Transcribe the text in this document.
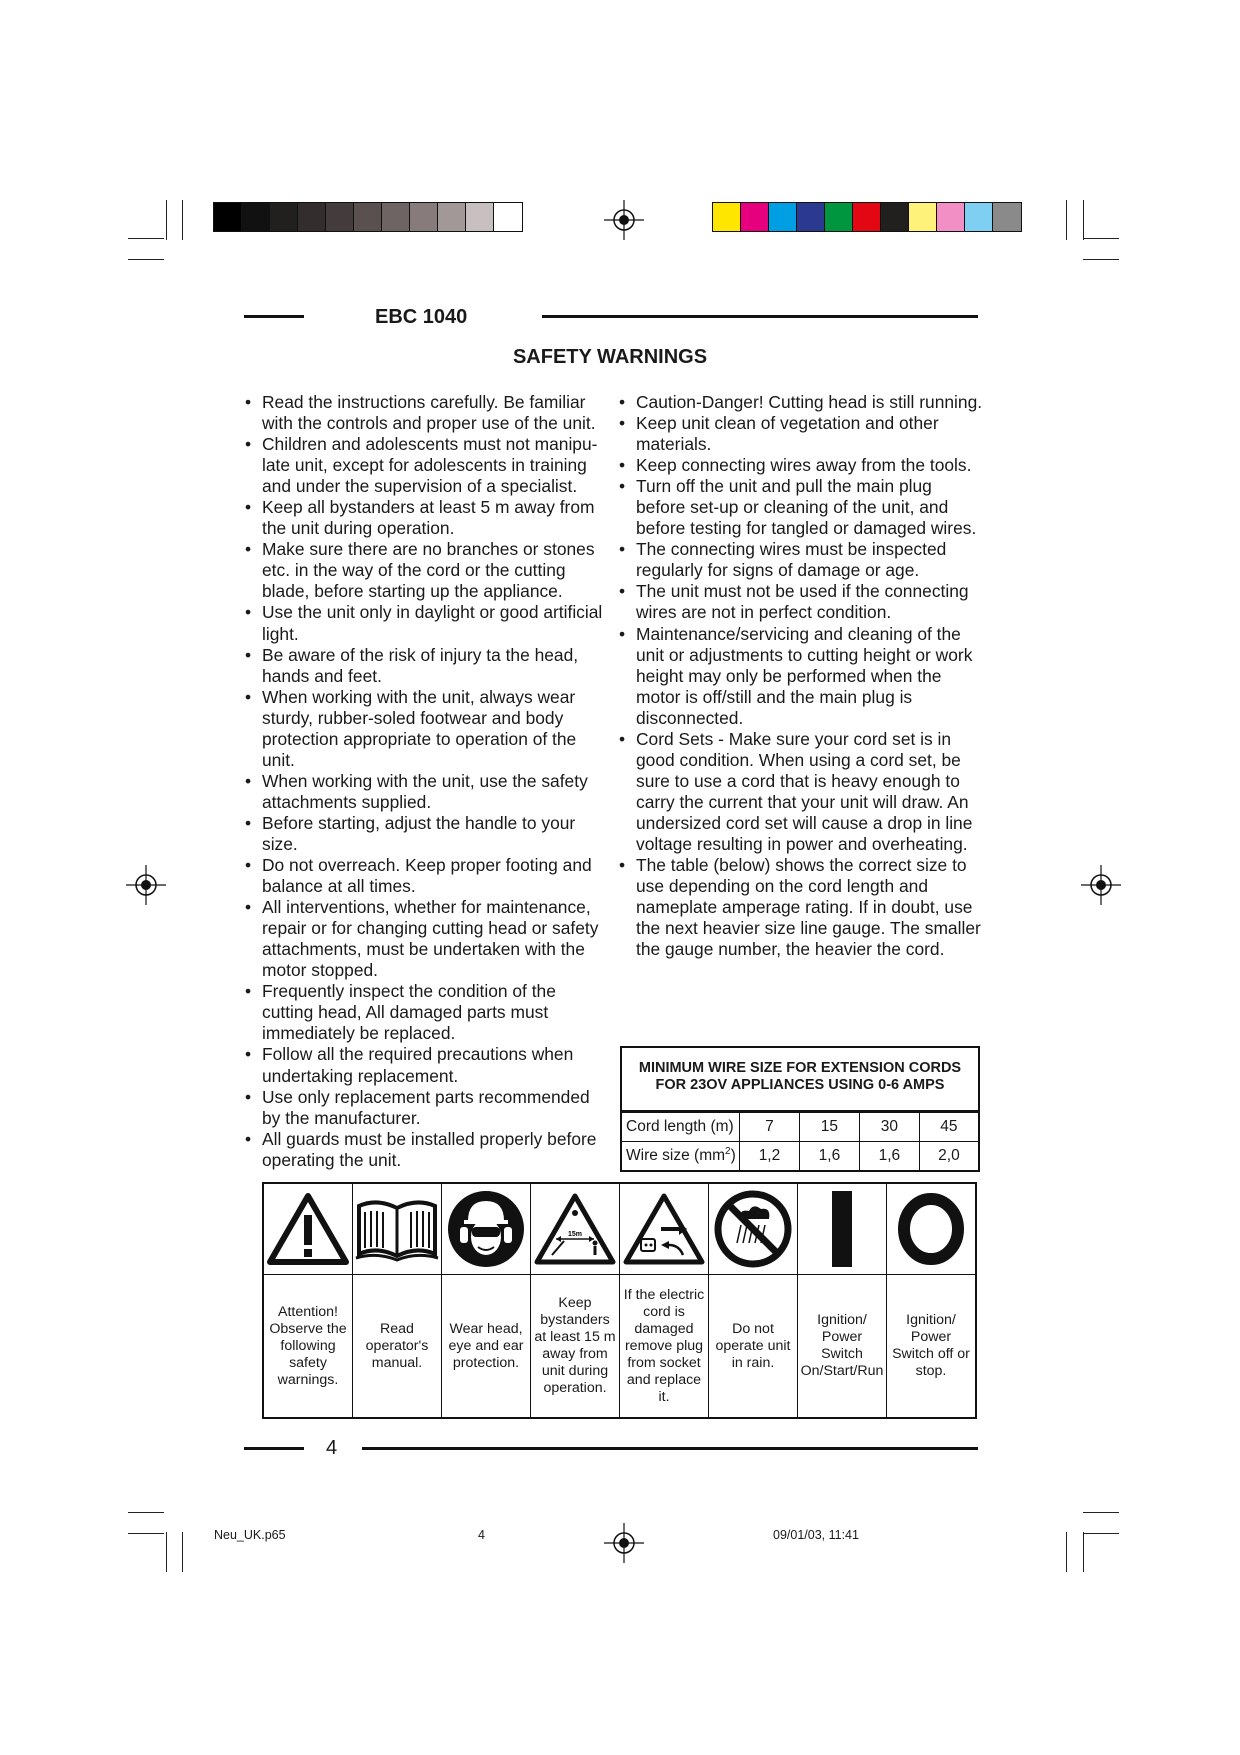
EBC 1040
SAFETY WARNINGS
• Read the instructions carefully. Be familiar with the controls and proper use of the unit.
• Children and adolescents must not manipu-late unit, except for adolescents in training and under the supervision of a specialist.
• Keep all bystanders at least 5 m away from the unit during operation.
• Make sure there are no branches or stones etc. in the way of the cord or the cutting blade, before starting up the appliance.
• Use the unit only in daylight or good artificial light.
• Be aware of the risk of injury ta the head, hands and feet.
• When working with the unit, always wear sturdy, rubber-soled footwear and body protection appropriate to operation of the unit.
• When working with the unit, use the safety attachments supplied.
• Before starting, adjust the handle to your size.
• Do not overreach. Keep proper footing and balance at all times.
• All interventions, whether for maintenance, repair or for changing cutting head or safety attachments, must be undertaken with the motor stopped.
• Frequently inspect the condition of the cutting head, All damaged parts must immediately be replaced.
• Follow all the required precautions when undertaking replacement.
• Use only replacement parts recommended by the manufacturer.
• All guards must be installed properly before operating the unit.
• Caution-Danger! Cutting head is still running.
• Keep unit clean of vegetation and other materials.
• Keep connecting wires away from the tools.
• Turn off the unit and pull the main plug before set-up or cleaning of the unit, and before testing for tangled or damaged wires.
• The connecting wires must be inspected regularly for signs of damage or age.
• The unit must not be used if the connecting wires are not in perfect condition.
• Maintenance/servicing and cleaning of the unit or adjustments to cutting height or work height may only be performed when the motor is off/still and the main plug is disconnected.
• Cord Sets - Make sure your cord set is in good condition. When using a cord set, be sure to use a cord that is heavy enough to carry the current that your unit will draw. An undersized cord set will cause a drop in line voltage resulting in power and overheating.
• The table (below) shows the correct size to use depending on the cord length and nameplate amperage rating. If in doubt, use the next heavier size line gauge. The smaller the gauge number, the heavier the cord.
MINIMUM WIRE SIZE FOR EXTENSION CORDS
FOR 23OV APPLIANCES USING 0-6 AMPS
Cord length (m)	7	15	30	45
Wire size $(mm^2)$	1,2	1,6	1,6	2,0
Attention! Observe the following safety warnings.
Read operator's manual.
Wear head, eye and ear protection.
15m
Keep bystanders at least 15 m away from unit during operation.
If the electric cord is damaged remove plug from socket and replace it.
Do not operate unit in rain.
Ignition/ Power Switch On/Start/Run
Ignition/ Power Switch off or stop.
4
Neu_UK.p65	4	09/01/03, 11:41
